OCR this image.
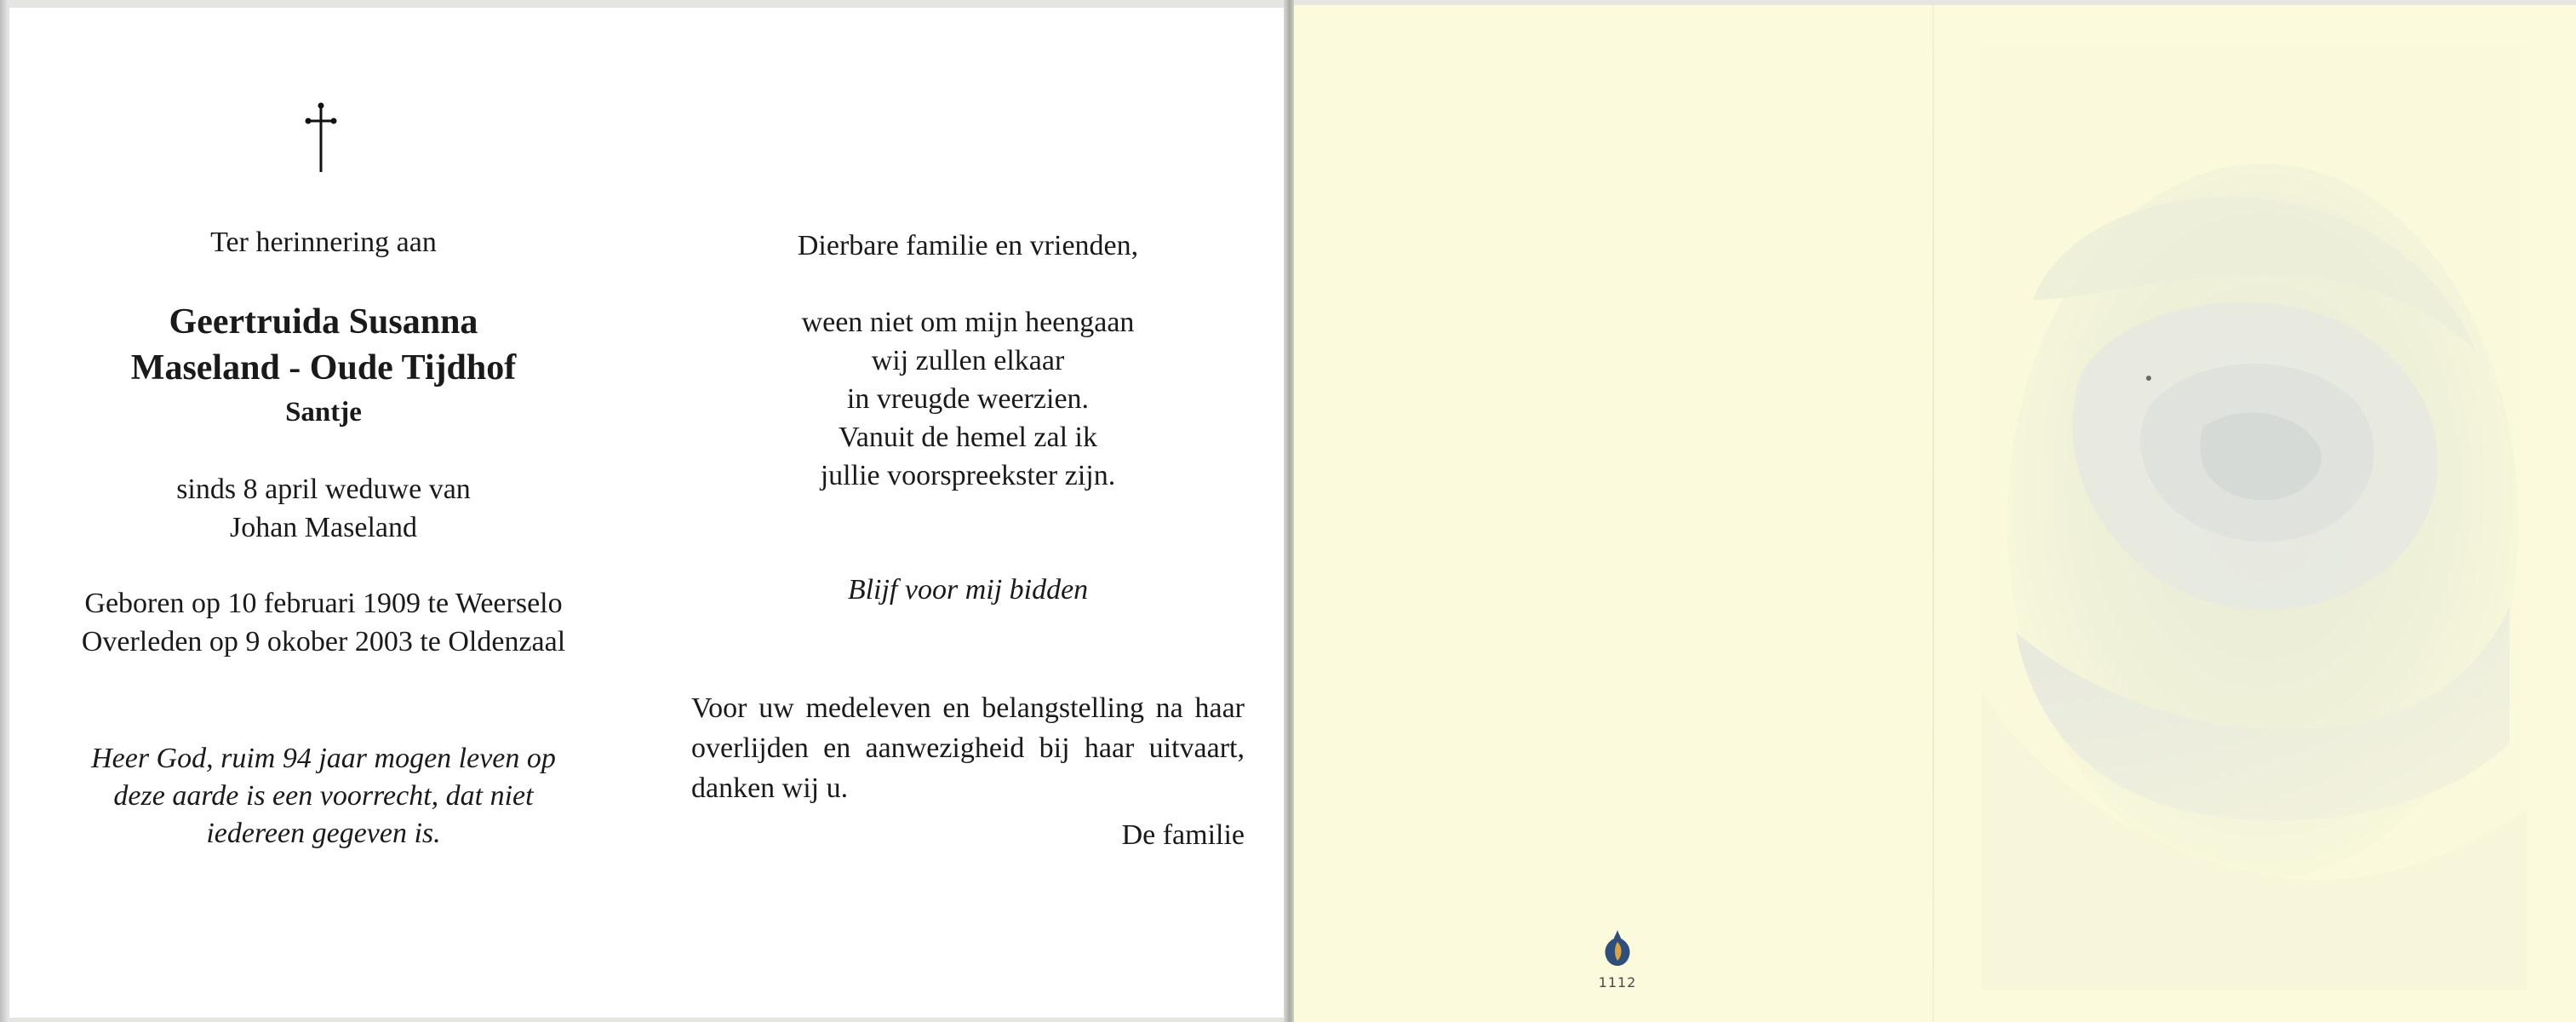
Ter herinnering aan
Geertruida Susanna
Maseland - Oude Tijdhof
Santje
sinds 8 april weduwe van
Johan Maseland
Geboren op 10 februari 1909 te Weerselo
Overleden op 9 okober 2003 te Oldenzaal
Heer God, ruim 94 jaar mogen leven op
deze aarde is een voorrecht, dat niet
iedereen gegeven is.
Dierbare familie en vrienden,
ween niet om mijn heengaan
wij zullen elkaar
in vreugde weerzien.
Vanuit de hemel zal ik
jullie voorspreekster zijn.
Blijf voor mij bidden
Voor uw medeleven en belangstelling na haar overlijden en aanwezigheid bij haar uitvaart, danken wij u.
De familie
1112
